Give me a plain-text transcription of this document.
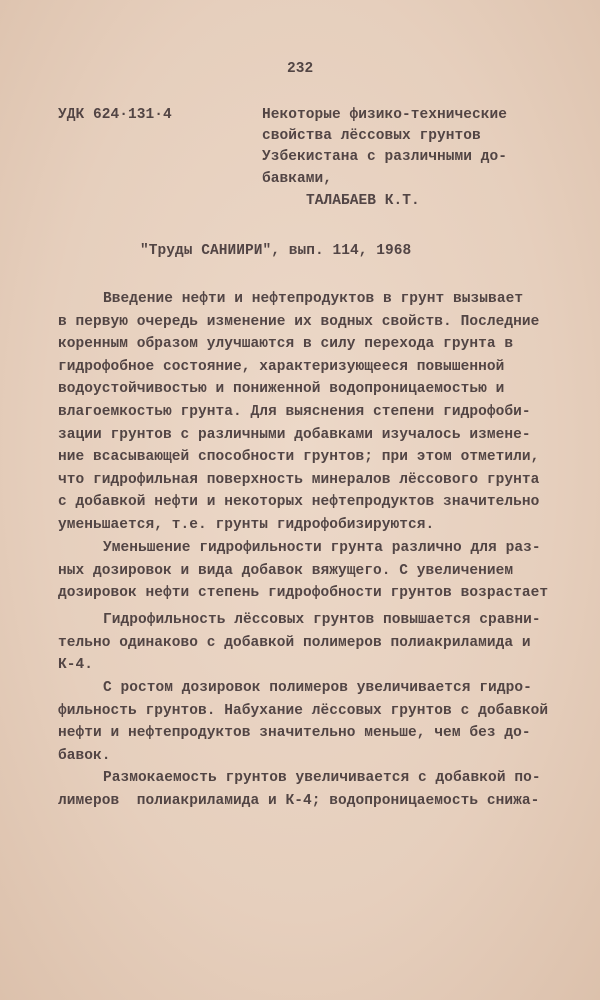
232
УДК 624·131·4	Некоторые физико-технические
свойства лёссовых грунтов
Узбекистана с различными до-
бавками,
ТАЛАБАЕВ К.Т.
"Труды САНИИРИ", вып. 114, 1968
Введение нефти и нефтепродуктов в грунт вызывает
в первую очередь изменение их водных свойств. Последние
коренным образом улучшаются в силу перехода грунта в
гидрофобное состояние, характеризующееся повышенной
водоустойчивостью и пониженной водопроницаемостью и
влагоемкостью грунта. Для выяснения степени гидрофоби-
зации грунтов с различными добавками изучалось измене-
ние всасывающей способности грунтов; при этом отметили,
что гидрофильная поверхность минералов лёссового грунта
с добавкой нефти и некоторых нефтепродуктов значительно
уменьшается, т.е. грунты гидрофобизируются.
Уменьшение гидрофильности грунта различно для раз-
ных дозировок и вида добавок вяжущего. С увеличением
дозировок нефти степень гидрофобности грунтов возрастает
Гидрофильность лёссовых грунтов повышается сравни-
тельно одинаково с добавкой полимеров полиакриламида и
К-4.
С ростом дозировок полимеров увеличивается гидро-
фильность грунтов. Набухание лёссовых грунтов с добавкой
нефти и нефтепродуктов значительно меньше, чем без до-
бавок.
Размокаемость грунтов увеличивается с добавкой по-
лимеров  полиакриламида и К-4; водопроницаемость снижа-
